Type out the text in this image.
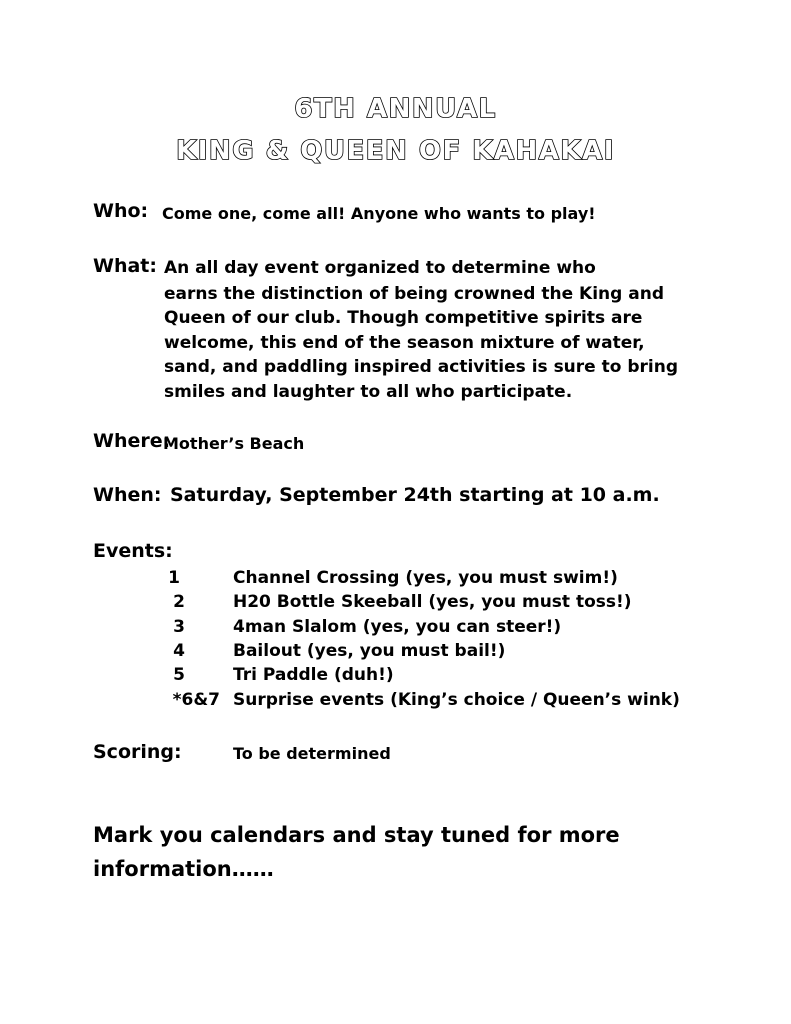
6TH ANNUAL
KING & QUEEN OF KAHAKAI
Who: Come one, come all! Anyone who wants to play!
What: An all day event organized to determine who
earns the distinction of being crowned the King and
Queen of our club. Though competitive spirits are
welcome, this end of the season mixture of water,
sand, and paddling inspired activities is sure to bring
smiles and laughter to all who participate.
Where:
Mother’s Beach
When: Saturday, September 24th starting at 10 a.m.
Events:
1	Channel Crossing (yes, you must swim!)
2	H20 Bottle Skeeball (yes, you must toss!)
3	4man Slalom (yes, you can steer!)
4	Bailout (yes, you must bail!)
5	Tri Paddle (duh!)
*6&7 Surprise events (King’s choice / Queen’s wink)
Scoring:	To be determined
Mark you calendars and stay tuned for more
information……
